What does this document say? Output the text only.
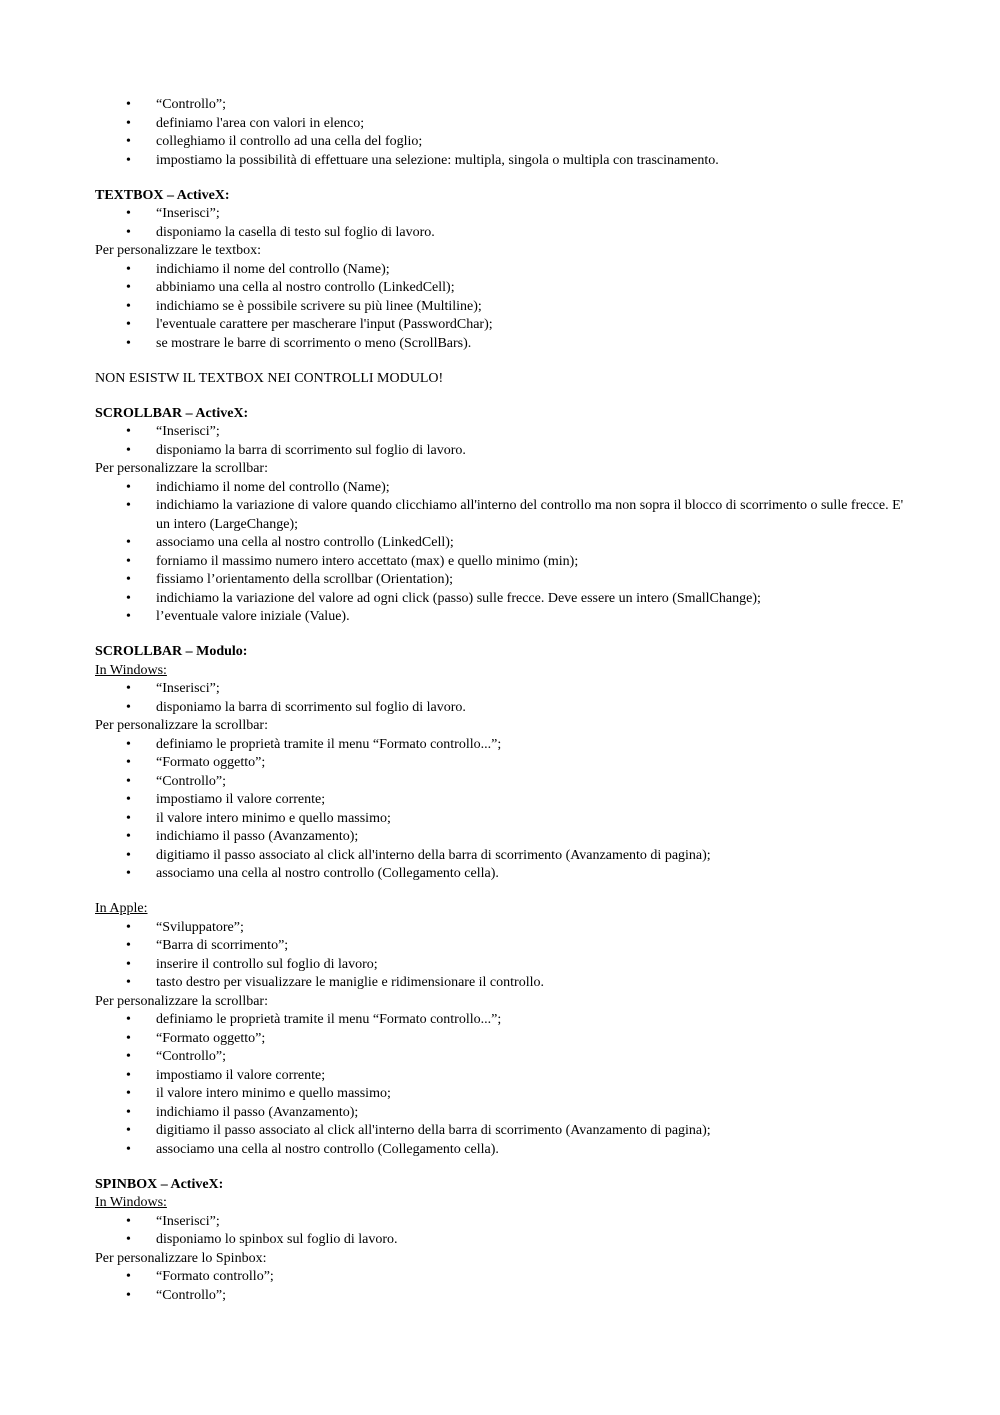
• “Controllo”;
• definiamo l'area con valori in elenco;
• colleghiamo il controllo ad una cella del foglio;
• impostiamo la possibilità di effettuare una selezione: multipla, singola o multipla con trascinamento.
TEXTBOX – ActiveX:
• “Inserisci”;
• disponiamo la casella di testo sul foglio di lavoro.
Per personalizzare le textbox:
• indichiamo il nome del controllo (Name);
• abbiniamo una cella al nostro controllo (LinkedCell);
• indichiamo se è possibile scrivere su più linee (Multiline);
• l'eventuale carattere per mascherare l'input (PasswordChar);
• se mostrare le barre di scorrimento o meno (ScrollBars).
NON ESISTW IL TEXTBOX NEI CONTROLLI MODULO!
SCROLLBAR – ActiveX:
• “Inserisci”;
• disponiamo la barra di scorrimento sul foglio di lavoro.
Per personalizzare la scrollbar:
• indichiamo il nome del controllo (Name);
• indichiamo la variazione di valore quando clicchiamo all'interno del controllo ma non sopra il blocco di scorrimento o sulle frecce. E' un intero (LargeChange);
• associamo una cella al nostro controllo (LinkedCell);
• forniamo il massimo numero intero accettato (max) e quello minimo (min);
• fissiamo l’orientamento della scrollbar (Orientation);
• indichiamo la variazione del valore ad ogni click (passo) sulle frecce. Deve essere un intero (SmallChange);
• l’eventuale valore iniziale (Value).
SCROLLBAR – Modulo:
In Windows:
• “Inserisci”;
• disponiamo la barra di scorrimento sul foglio di lavoro.
Per personalizzare la scrollbar:
• definiamo le proprietà tramite il menu “Formato controllo...”;
• “Formato oggetto”;
• “Controllo”;
• impostiamo il valore corrente;
• il valore intero minimo e quello massimo;
• indichiamo il passo (Avanzamento);
• digitiamo il passo associato al click all'interno della barra di scorrimento (Avanzamento di pagina);
• associamo una cella al nostro controllo (Collegamento cella).
In Apple:
• “Sviluppatore”;
• “Barra di scorrimento”;
• inserire il controllo sul foglio di lavoro;
• tasto destro per visualizzare le maniglie e ridimensionare il controllo.
Per personalizzare la scrollbar:
• definiamo le proprietà tramite il menu “Formato controllo...”;
• “Formato oggetto”;
• “Controllo”;
• impostiamo il valore corrente;
• il valore intero minimo e quello massimo;
• indichiamo il passo (Avanzamento);
• digitiamo il passo associato al click all'interno della barra di scorrimento (Avanzamento di pagina);
• associamo una cella al nostro controllo (Collegamento cella).
SPINBOX – ActiveX:
In Windows:
• “Inserisci”;
• disponiamo lo spinbox sul foglio di lavoro.
Per personalizzare lo Spinbox:
• “Formato controllo”;
• “Controllo”;
